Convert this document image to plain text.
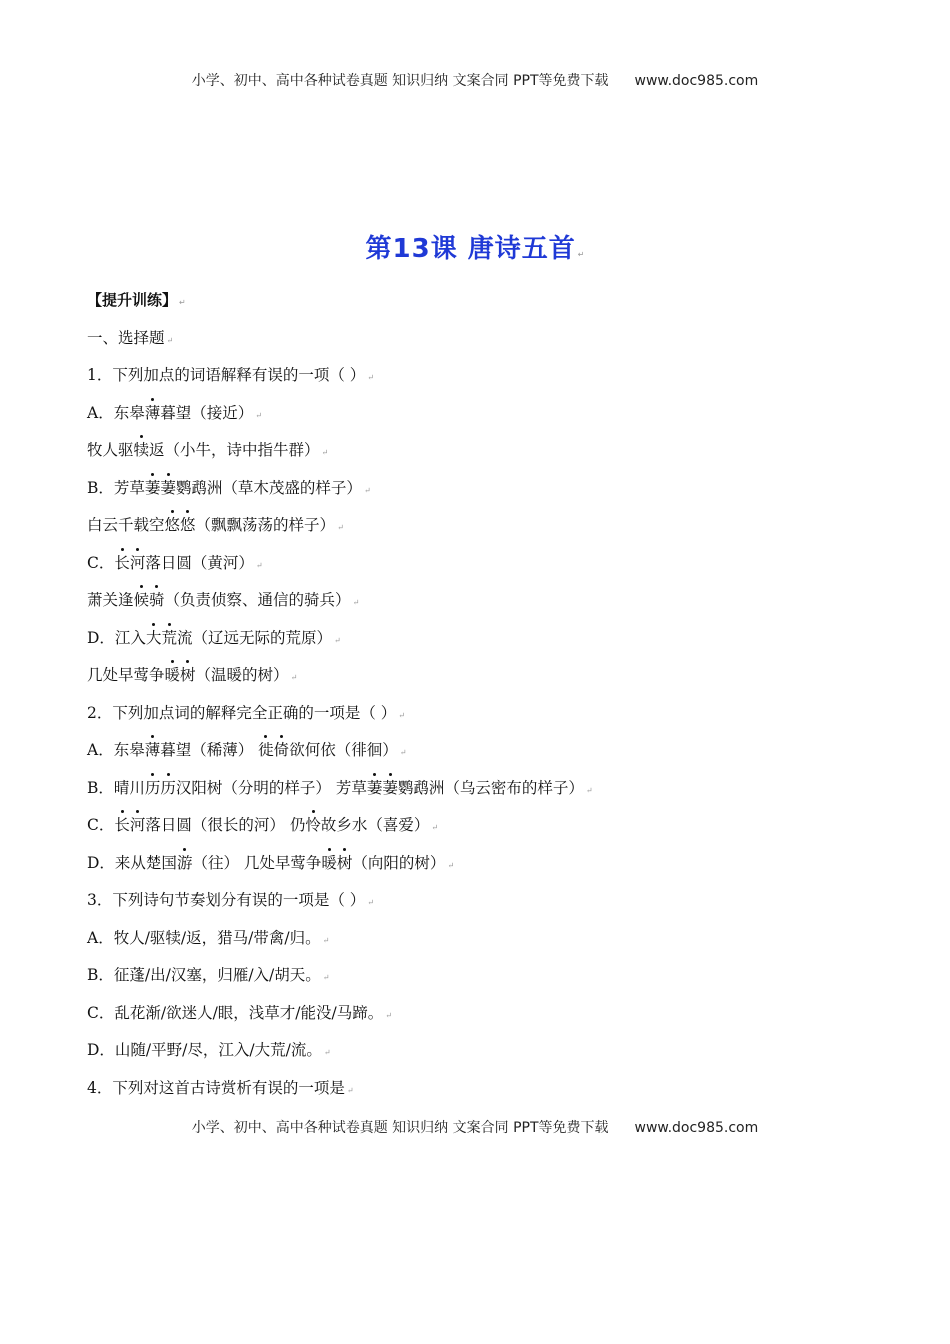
小学、初中、高中各种试卷真题 知识归纳 文案合同 PPT等免费下载 www.doc985.com
第13课 唐诗五首 ↵
【提升训练】 ↵
一、选择题 ↵
1．下列加点的词语解释有误的一项（ ） ↵
A．东皋薄暮望（接近） ↵
牧人驱犊返（小牛，诗中指牛群） ↵
B．芳草萋萋鹦鹉洲（草木茂盛的样子） ↵
白云千载空悠悠（飘飘荡荡的样子） ↵
C．长河落日圆（黄河） ↵
萧关逢候骑（负责侦察、通信的骑兵） ↵
D．江入大荒流（辽远无际的荒原） ↵
几处早莺争暖树（温暖的树） ↵
2．下列加点词的解释完全正确的一项是（ ） ↵
A．东皋薄暮望（稀薄） 徙倚欲何依（徘徊） ↵
B．晴川历历汉阳树（分明的样子） 芳草萋萋鹦鹉洲（乌云密布的样子） ↵
C．长河落日圆（很长的河） 仍怜故乡水（喜爱） ↵
D．来从楚国游（往） 几处早莺争暖树（向阳的树） ↵
3．下列诗句节奏划分有误的一项是（ ） ↵
A．牧人/驱犊/返，猎马/带禽/归。 ↵
B．征蓬/出/汉塞，归雁/入/胡天。 ↵
C．乱花渐/欲迷人/眼，浅草才/能没/马蹄。 ↵
D．山随/平野/尽，江入/大荒/流。 ↵
4．下列对这首古诗赏析有误的一项是 ↵
小学、初中、高中各种试卷真题 知识归纳 文案合同 PPT等免费下载 www.doc985.com
